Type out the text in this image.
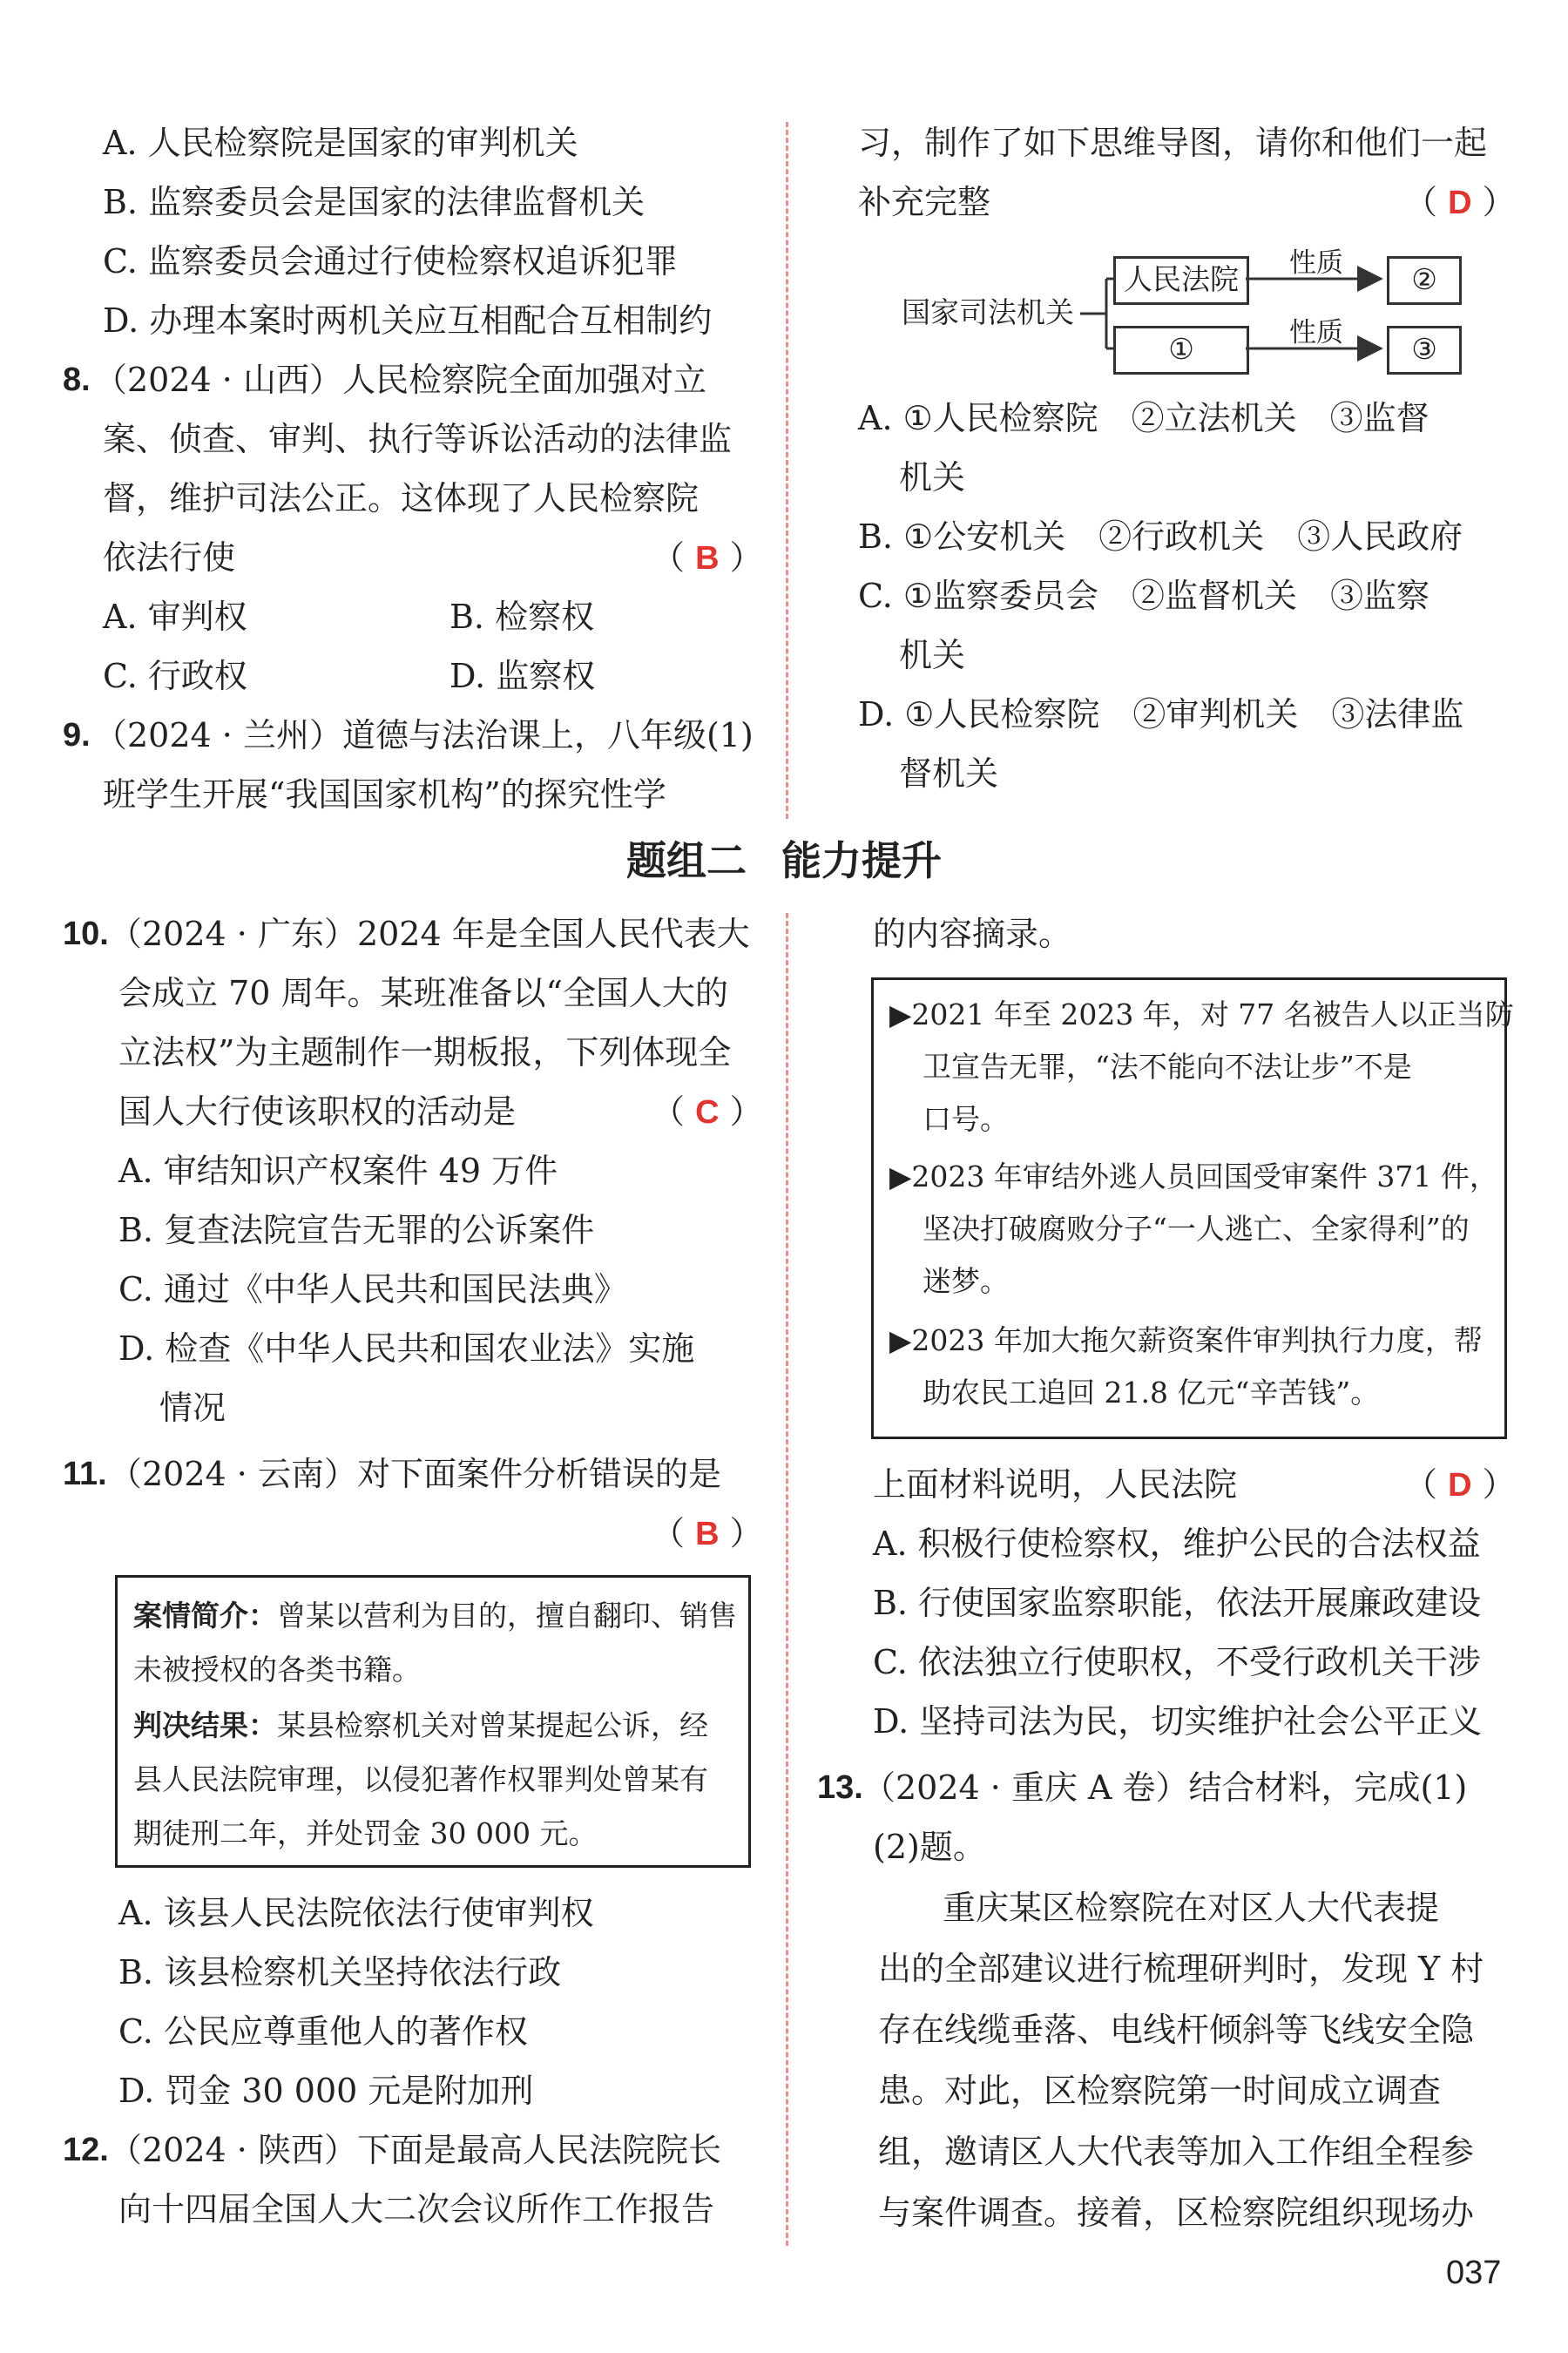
A. 人民检察院是国家的审判机关
B. 监察委员会是国家的法律监督机关
C. 监察委员会通过行使检察权追诉犯罪
D. 办理本案时两机关应互相配合互相制约
8. （2024 · 山西）人民检察院全面加强对立
案、侦查、审判、执行等诉讼活动的法律监
督，维护司法公正。这体现了人民检察院
依法行使	（ B ）
A. 审判权	B. 检察权
C. 行政权	D. 监察权
9. （2024 · 兰州）道德与法治课上，八年级(1)
班学生开展“我国国家机构”的探究性学
习，制作了如下思维导图，请你和他们一起
补充完整	（ D ）
国家司法机关
人民法院
①
性质
性质
②
③
A. ①人民检察院　②立法机关　③监督
机关
B. ①公安机关　②行政机关　③人民政府
C. ①监察委员会　②监督机关　③监察
机关
D. ①人民检察院　②审判机关　③法律监
督机关
题组二 能力提升
10. （2024 · 广东）2024 年是全国人民代表大
会成立 70 周年。某班准备以“全国人大的
立法权”为主题制作一期板报，下列体现全
国人大行使该职权的活动是	（ C ）
A. 审结知识产权案件 49 万件
B. 复查法院宣告无罪的公诉案件
C. 通过《中华人民共和国民法典》
D. 检查《中华人民共和国农业法》实施
情况
11. （2024 · 云南）对下面案件分析错误的是
（ B ）
案情简介：曾某以营利为目的，擅自翻印、销售
未被授权的各类书籍。
判决结果：某县检察机关对曾某提起公诉，经
县人民法院审理，以侵犯著作权罪判处曾某有
期徒刑二年，并处罚金 30 000 元。
A. 该县人民法院依法行使审判权
B. 该县检察机关坚持依法行政
C. 公民应尊重他人的著作权
D. 罚金 30 000 元是附加刑
12. （2024 · 陕西）下面是最高人民法院院长
向十四届全国人大二次会议所作工作报告
的内容摘录。
▶2021 年至 2023 年，对 77 名被告人以正当防
卫宣告无罪，“法不能向不法让步”不是
口号。
▶2023 年审结外逃人员回国受审案件 371 件，
坚决打破腐败分子“一人逃亡、全家得利”的
迷梦。
▶2023 年加大拖欠薪资案件审判执行力度，帮
助农民工追回 21.8 亿元“辛苦钱”。
上面材料说明，人民法院	（ D ）
A. 积极行使检察权，维护公民的合法权益
B. 行使国家监察职能，依法开展廉政建设
C. 依法独立行使职权，不受行政机关干涉
D. 坚持司法为民，切实维护社会公平正义
13. （2024 · 重庆 A 卷）结合材料，完成(1)
(2)题。
重庆某区检察院在对区人大代表提
出的全部建议进行梳理研判时，发现 Y 村
存在线缆垂落、电线杆倾斜等飞线安全隐
患。对此，区检察院第一时间成立调查
组，邀请区人大代表等加入工作组全程参
与案件调查。接着，区检察院组织现场办
037
